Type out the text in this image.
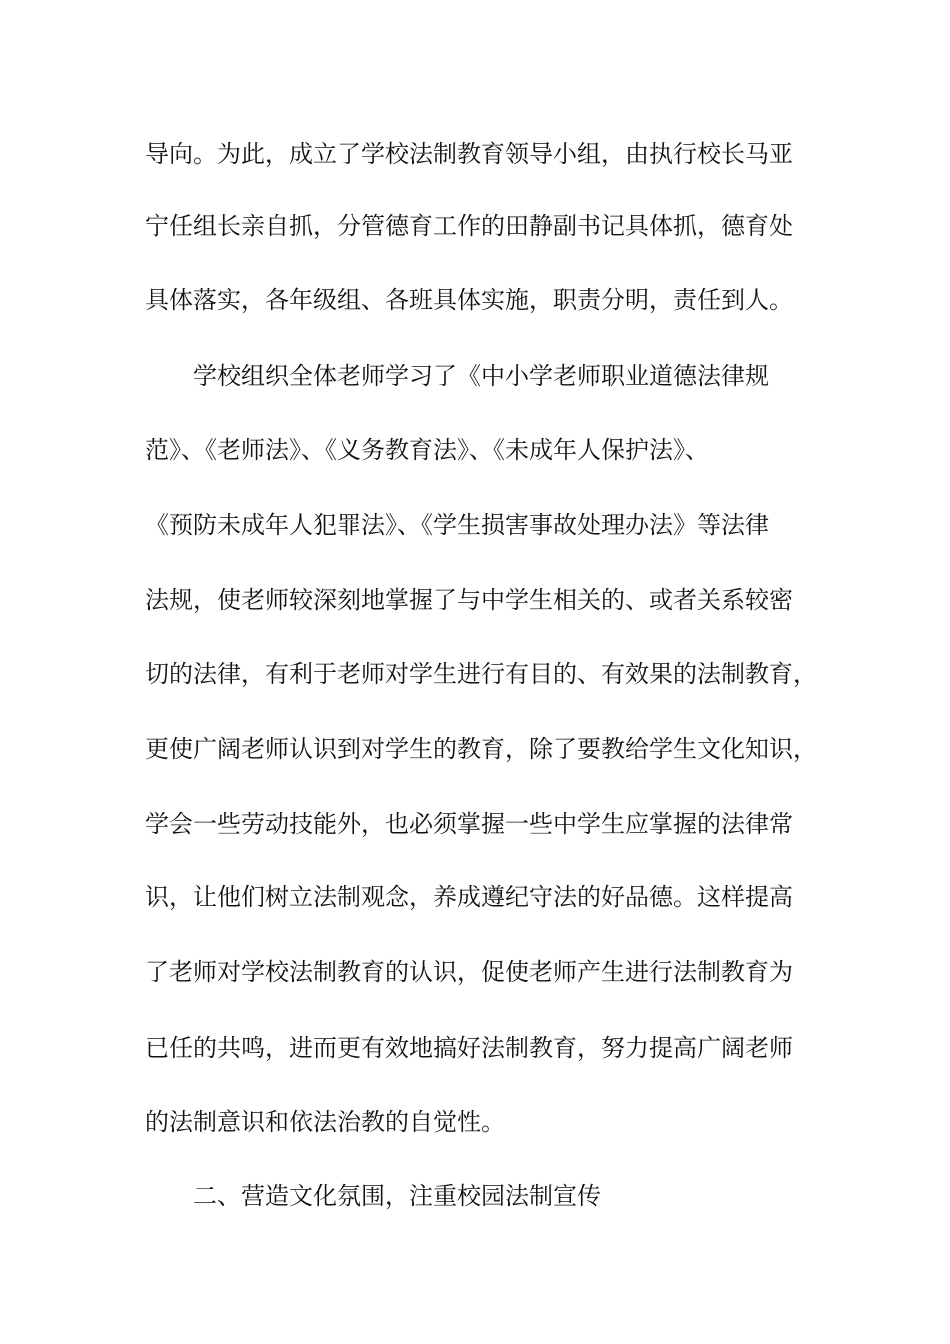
导向。为此，成立了学校法制教育领导小组，由执行校长马亚
宁任组长亲自抓，分管德育工作的田静副书记具体抓，德育处
具体落实，各年级组、各班具体实施，职责分明，责任到人。
学校组织全体老师学习了《中小学老师职业道德法律规
范》、《老师法》、《义务教育法》、《未成年人保护法》、
《预防未成年人犯罪法》、《学生损害事故处理办法》等法律
法规，使老师较深刻地掌握了与中学生相关的、或者关系较密
切的法律，有利于老师对学生进行有目的、有效果的法制教育，
更使广阔老师认识到对学生的教育，除了要教给学生文化知识，
学会一些劳动技能外，也必须掌握一些中学生应掌握的法律常
识，让他们树立法制观念，养成遵纪守法的好品德。这样提高
了老师对学校法制教育的认识，促使老师产生进行法制教育为
已任的共鸣，进而更有效地搞好法制教育，努力提高广阔老师
的法制意识和依法治教的自觉性。
二、营造文化氛围，注重校园法制宣传
